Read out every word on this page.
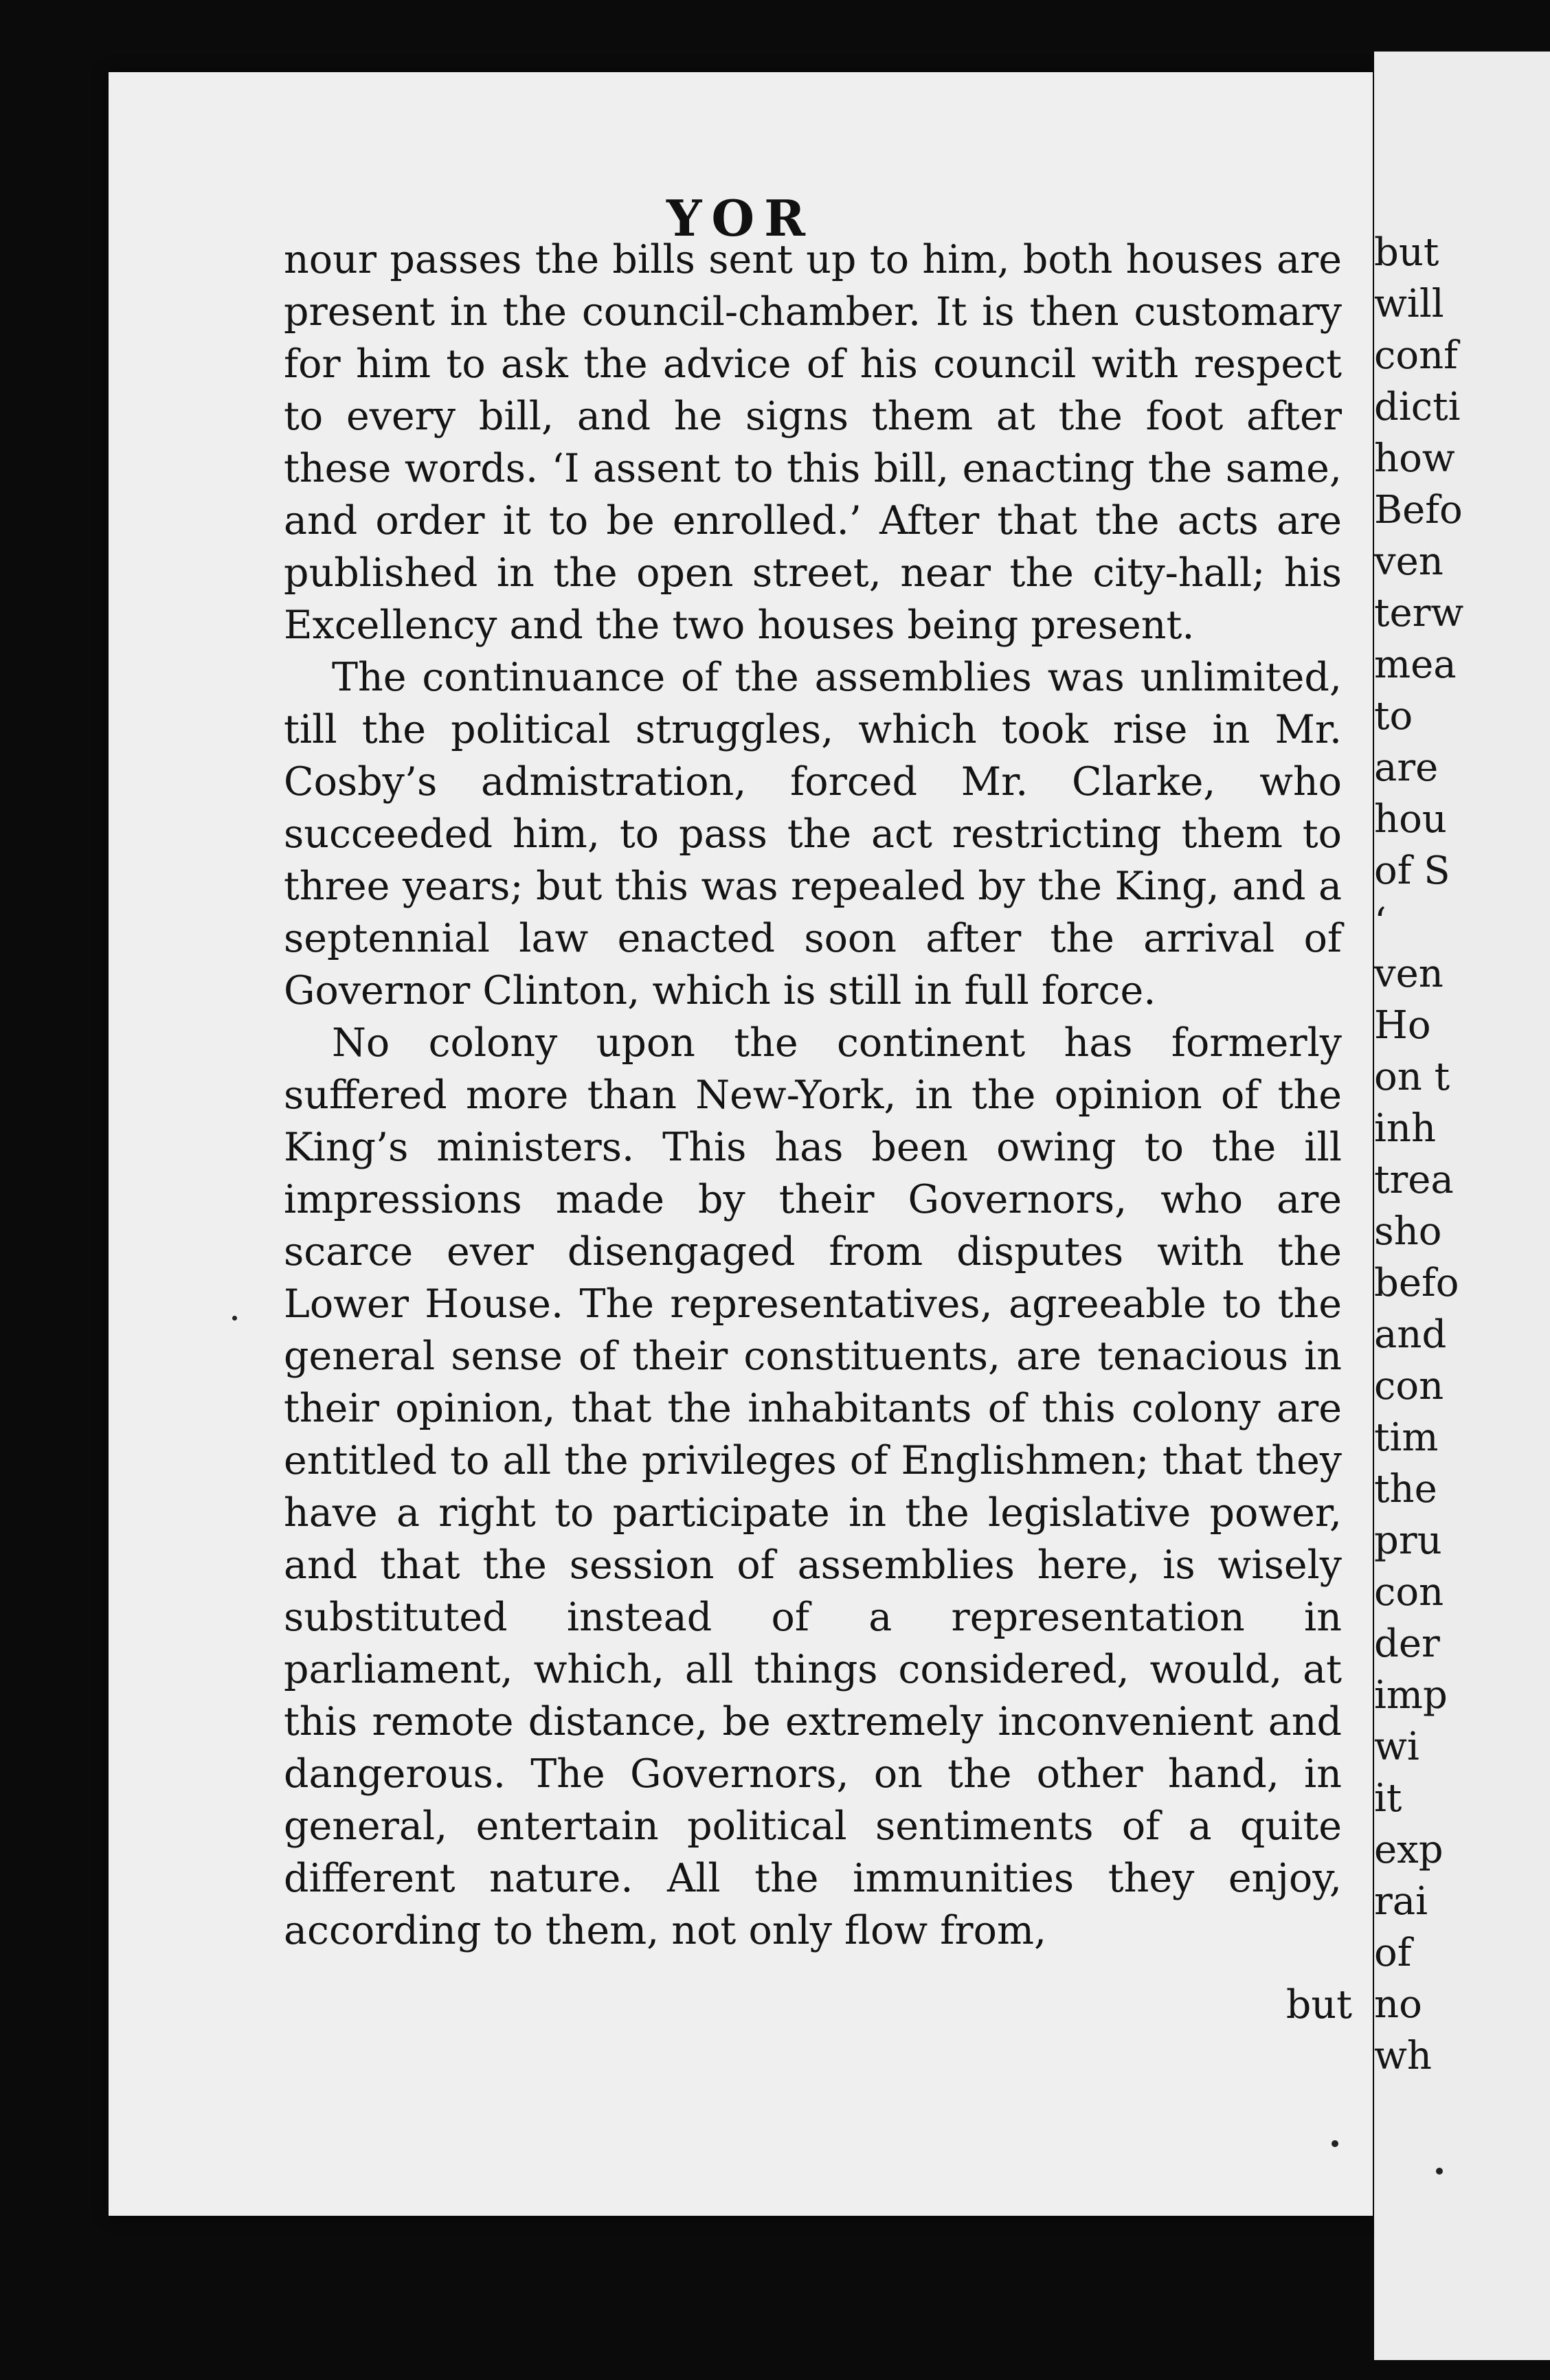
YOR

nour passes the bills sent up to him, both houses are present in the council-chamber. It is then customary for him to ask the advice of his council with respect to every bill, and he signs them at the foot after these words. ‘I assent to this bill, enacting the same, and order it to be enrolled.’ After that the acts are published in the open street, near the city-hall; his Excellency and the two houses being present.

The continuance of the assemblies was unlimited, till the political struggles, which took rise in Mr. Cosby’s admistration, forced Mr. Clarke, who succeeded him, to pass the act restricting them to three years; but this was repealed by the King, and a septennial law enacted soon after the arrival of Governor Clinton, which is still in full force.

No colony upon the continent has formerly suffered more than New-York, in the opinion of the King’s ministers. This has been owing to the ill impressions made by their Governors, who are scarce ever disengaged from disputes with the Lower House. The representatives, agreeable to the general sense of their constituents, are tenacious in their opinion, that the inhabitants of this colony are entitled to all the privileges of Englishmen; that they have a right to participate in the legislative power, and that the session of assemblies here, is wisely substituted instead of a representation in parliament, which, all things considered, would, at this remote distance, be extremely inconvenient and dangerous. The Governors, on the other hand, in general, entertain political sentiments of a quite different nature. All the immunities they enjoy, according to them, not only flow from,

but
but
will
conf
dicti
how
Befo
ven
terw
mea
to
are
hou
of S
‘
ven
Ho
on t
inh
trea
sho
befo
and
con
tim
the
pru
con
der
imp
wi
it
exp
rai
of
no
wh
